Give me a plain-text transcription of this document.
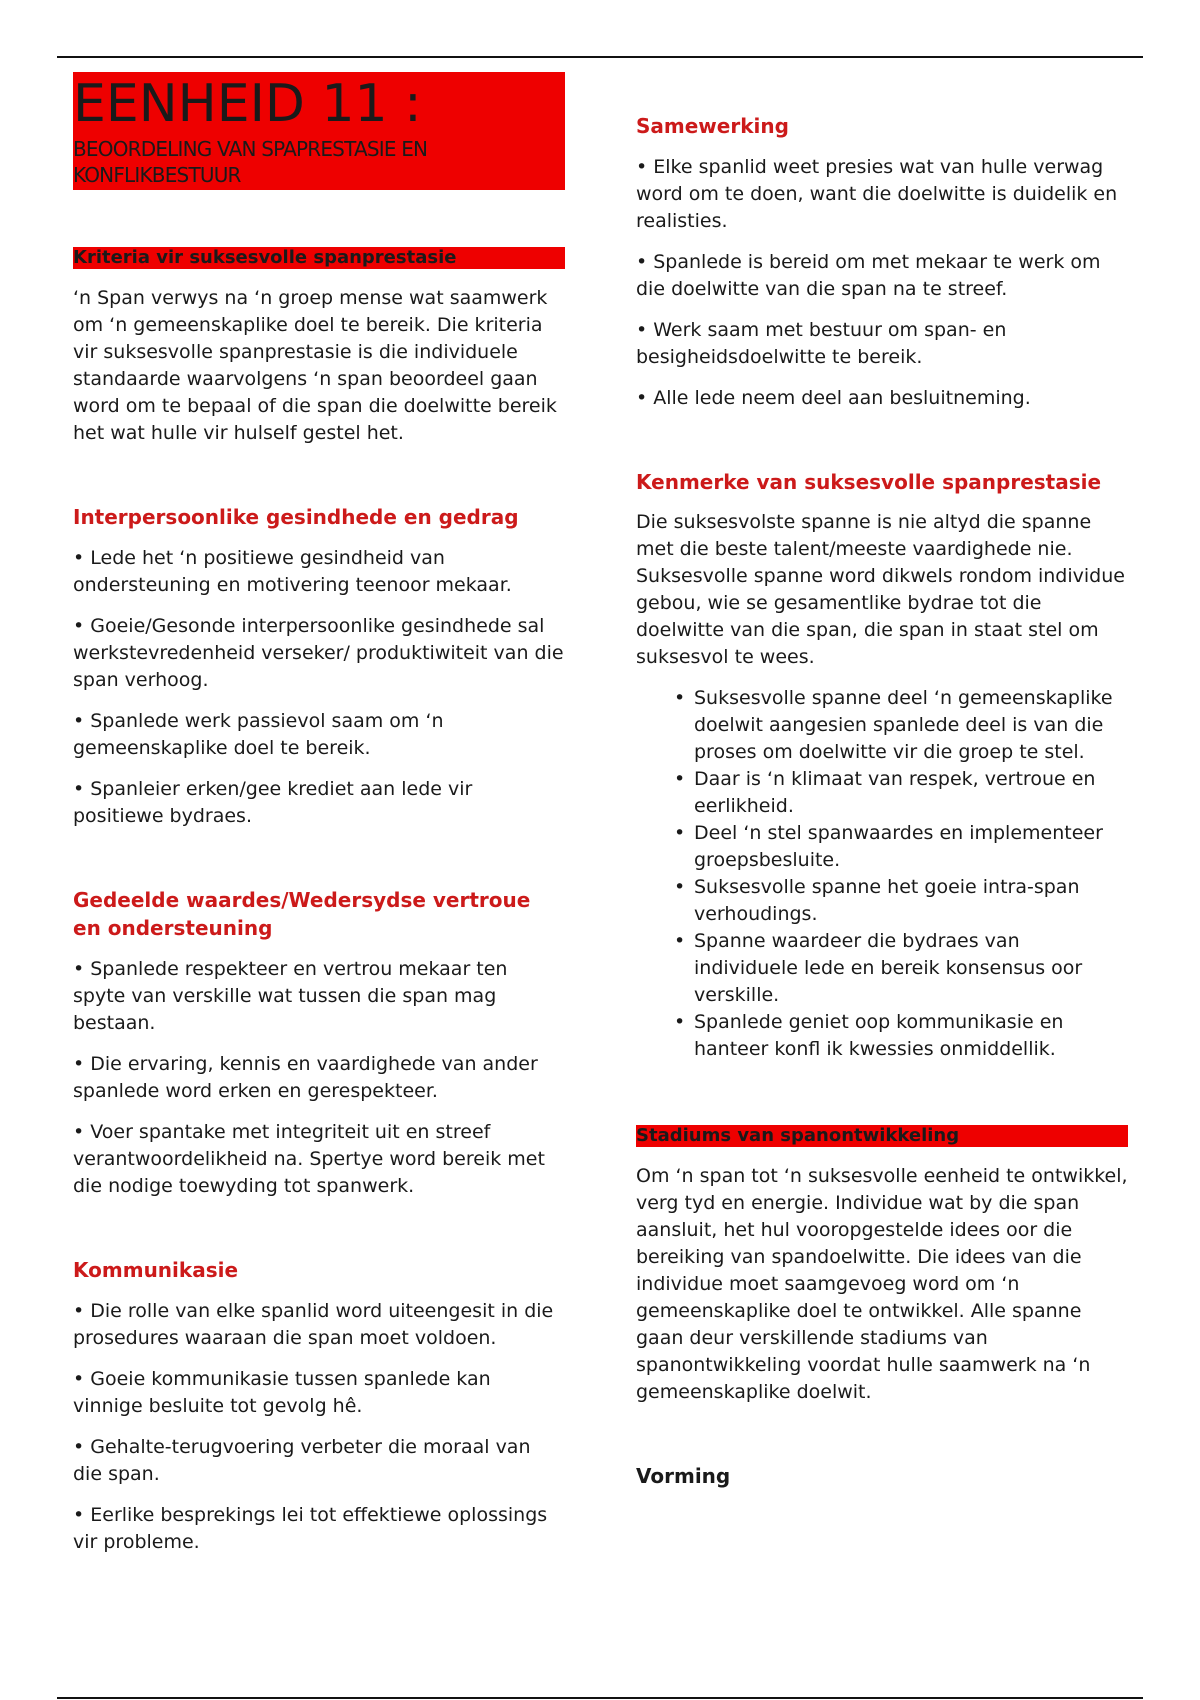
EENHEID 11 :
BEOORDELING VAN SPAPRESTASIE EN KONFLIKBESTUUR
Kriteria vir suksesvolle spanprestasie

‘n Span verwys na ‘n groep mense wat saamwerk om ‘n gemeenskaplike doel te bereik. Die kriteria vir suksesvolle spanprestasie is die individuele standaarde waarvolgens ‘n span beoordeel gaan word om te bepaal of die span die doelwitte bereik het wat hulle vir hulself gestel het.

Interpersoonlike gesindhede en gedrag

• Lede het ‘n positiewe gesindheid van ondersteuning en motivering teenoor mekaar.

• Goeie/Gesonde interpersoonlike gesindhede sal werkstevredenheid verseker/ produktiwiteit van die span verhoog.

• Spanlede werk passievol saam om ‘n gemeenskaplike doel te bereik.

• Spanleier erken/gee krediet aan lede vir positiewe bydraes.

Gedeelde waardes/Wedersydse vertroue en ondersteuning

• Spanlede respekteer en vertrou mekaar ten spyte van verskille wat tussen die span mag bestaan.

• Die ervaring, kennis en vaardighede van ander spanlede word erken en gerespekteer.

• Voer spantake met integriteit uit en streef verantwoordelikheid na. Spertye word bereik met die nodige toewyding tot spanwerk.

Kommunikasie

• Die rolle van elke spanlid word uiteengesit in die prosedures waaraan die span moet voldoen.

• Goeie kommunikasie tussen spanlede kan vinnige besluite tot gevolg hê.

• Gehalte-terugvoering verbeter die moraal van die span.

• Eerlike besprekings lei tot effektiewe oplossings vir probleme.

Samewerking

• Elke spanlid weet presies wat van hulle verwag word om te doen, want die doelwitte is duidelik en realisties.

• Spanlede is bereid om met mekaar te werk om die doelwitte van die span na te streef.

• Werk saam met bestuur om span- en besigheidsdoelwitte te bereik.

• Alle lede neem deel aan besluitneming.

Kenmerke van suksesvolle spanprestasie

Die suksesvolste spanne is nie altyd die spanne met die beste talent/meeste vaardighede nie. Suksesvolle spanne word dikwels rondom individue gebou, wie se gesamentlike bydrae tot die doelwitte van die span, die span in staat stel om suksesvol te wees.

• Suksesvolle spanne deel ‘n gemeenskaplike doelwit aangesien spanlede deel is van die proses om doelwitte vir die groep te stel.
• Daar is ‘n klimaat van respek, vertroue en eerlikheid.
• Deel ‘n stel spanwaardes en implementeer groepsbesluite.
• Suksesvolle spanne het goeie intra-span verhoudings.
• Spanne waardeer die bydraes van individuele lede en bereik konsensus oor verskille.
• Spanlede geniet oop kommunikasie en hanteer konfl ik kwessies onmiddellik.
Stadiums van spanontwikkeling

Om ‘n span tot ‘n suksesvolle eenheid te ontwikkel, verg tyd en energie. Individue wat by die span aansluit, het hul vooropgestelde idees oor die bereiking van spandoelwitte. Die idees van die individue moet saamgevoeg word om ‘n gemeenskaplike doel te ontwikkel. Alle spanne gaan deur verskillende stadiums van spanontwikkeling voordat hulle saamwerk na ‘n gemeenskaplike doelwit.

Vorming
